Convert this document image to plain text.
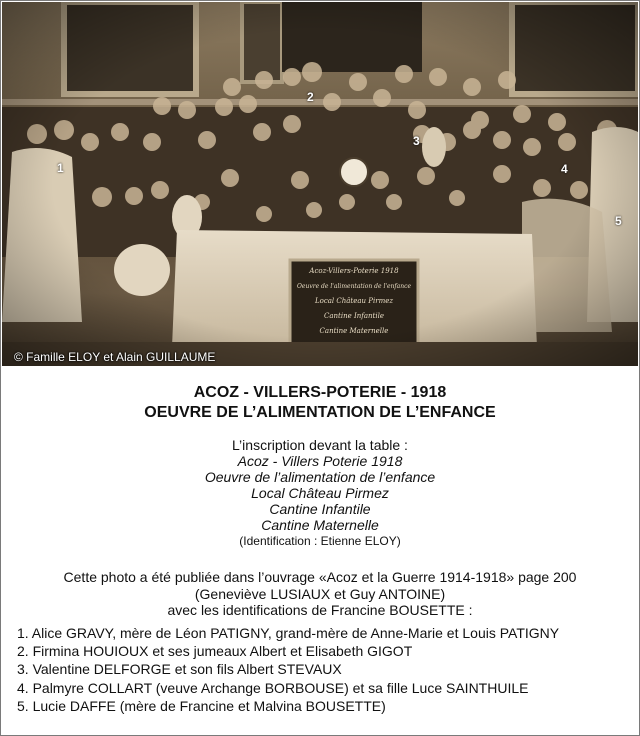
Acoz-Villers-Poterie 1918
Oeuvre de l'alimentation de l'enfance
Local Château Pirmez
Cantine Infantile
Cantine Maternelle
1
2
3
4
5
© Famille ELOY et Alain GUILLAUME
ACOZ - VILLERS-POTERIE - 1918
OEUVRE DE L’ALIMENTATION DE L’ENFANCE
L’inscription devant la table :
Acoz - Villers Poterie 1918
Oeuvre de l’alimentation de l’enfance
Local Château Pirmez
Cantine Infantile
Cantine Maternelle
(Identification : Etienne ELOY)
Cette photo a été publiée dans l’ouvrage «Acoz et la Guerre 1914-1918» page 200
(Geneviève LUSIAUX et Guy ANTOINE)
avec les identifications de Francine BOUSETTE :
1. Alice GRAVY, mère de Léon PATIGNY, grand-mère de Anne-Marie et Louis PATIGNY
2. Firmina HOUIOUX et ses jumeaux Albert et Elisabeth GIGOT
3. Valentine DELFORGE et son fils Albert STEVAUX
4. Palmyre COLLART (veuve Archange BORBOUSE) et sa fille Luce SAINTHUILE
5. Lucie DAFFE (mère de Francine et Malvina BOUSETTE)
